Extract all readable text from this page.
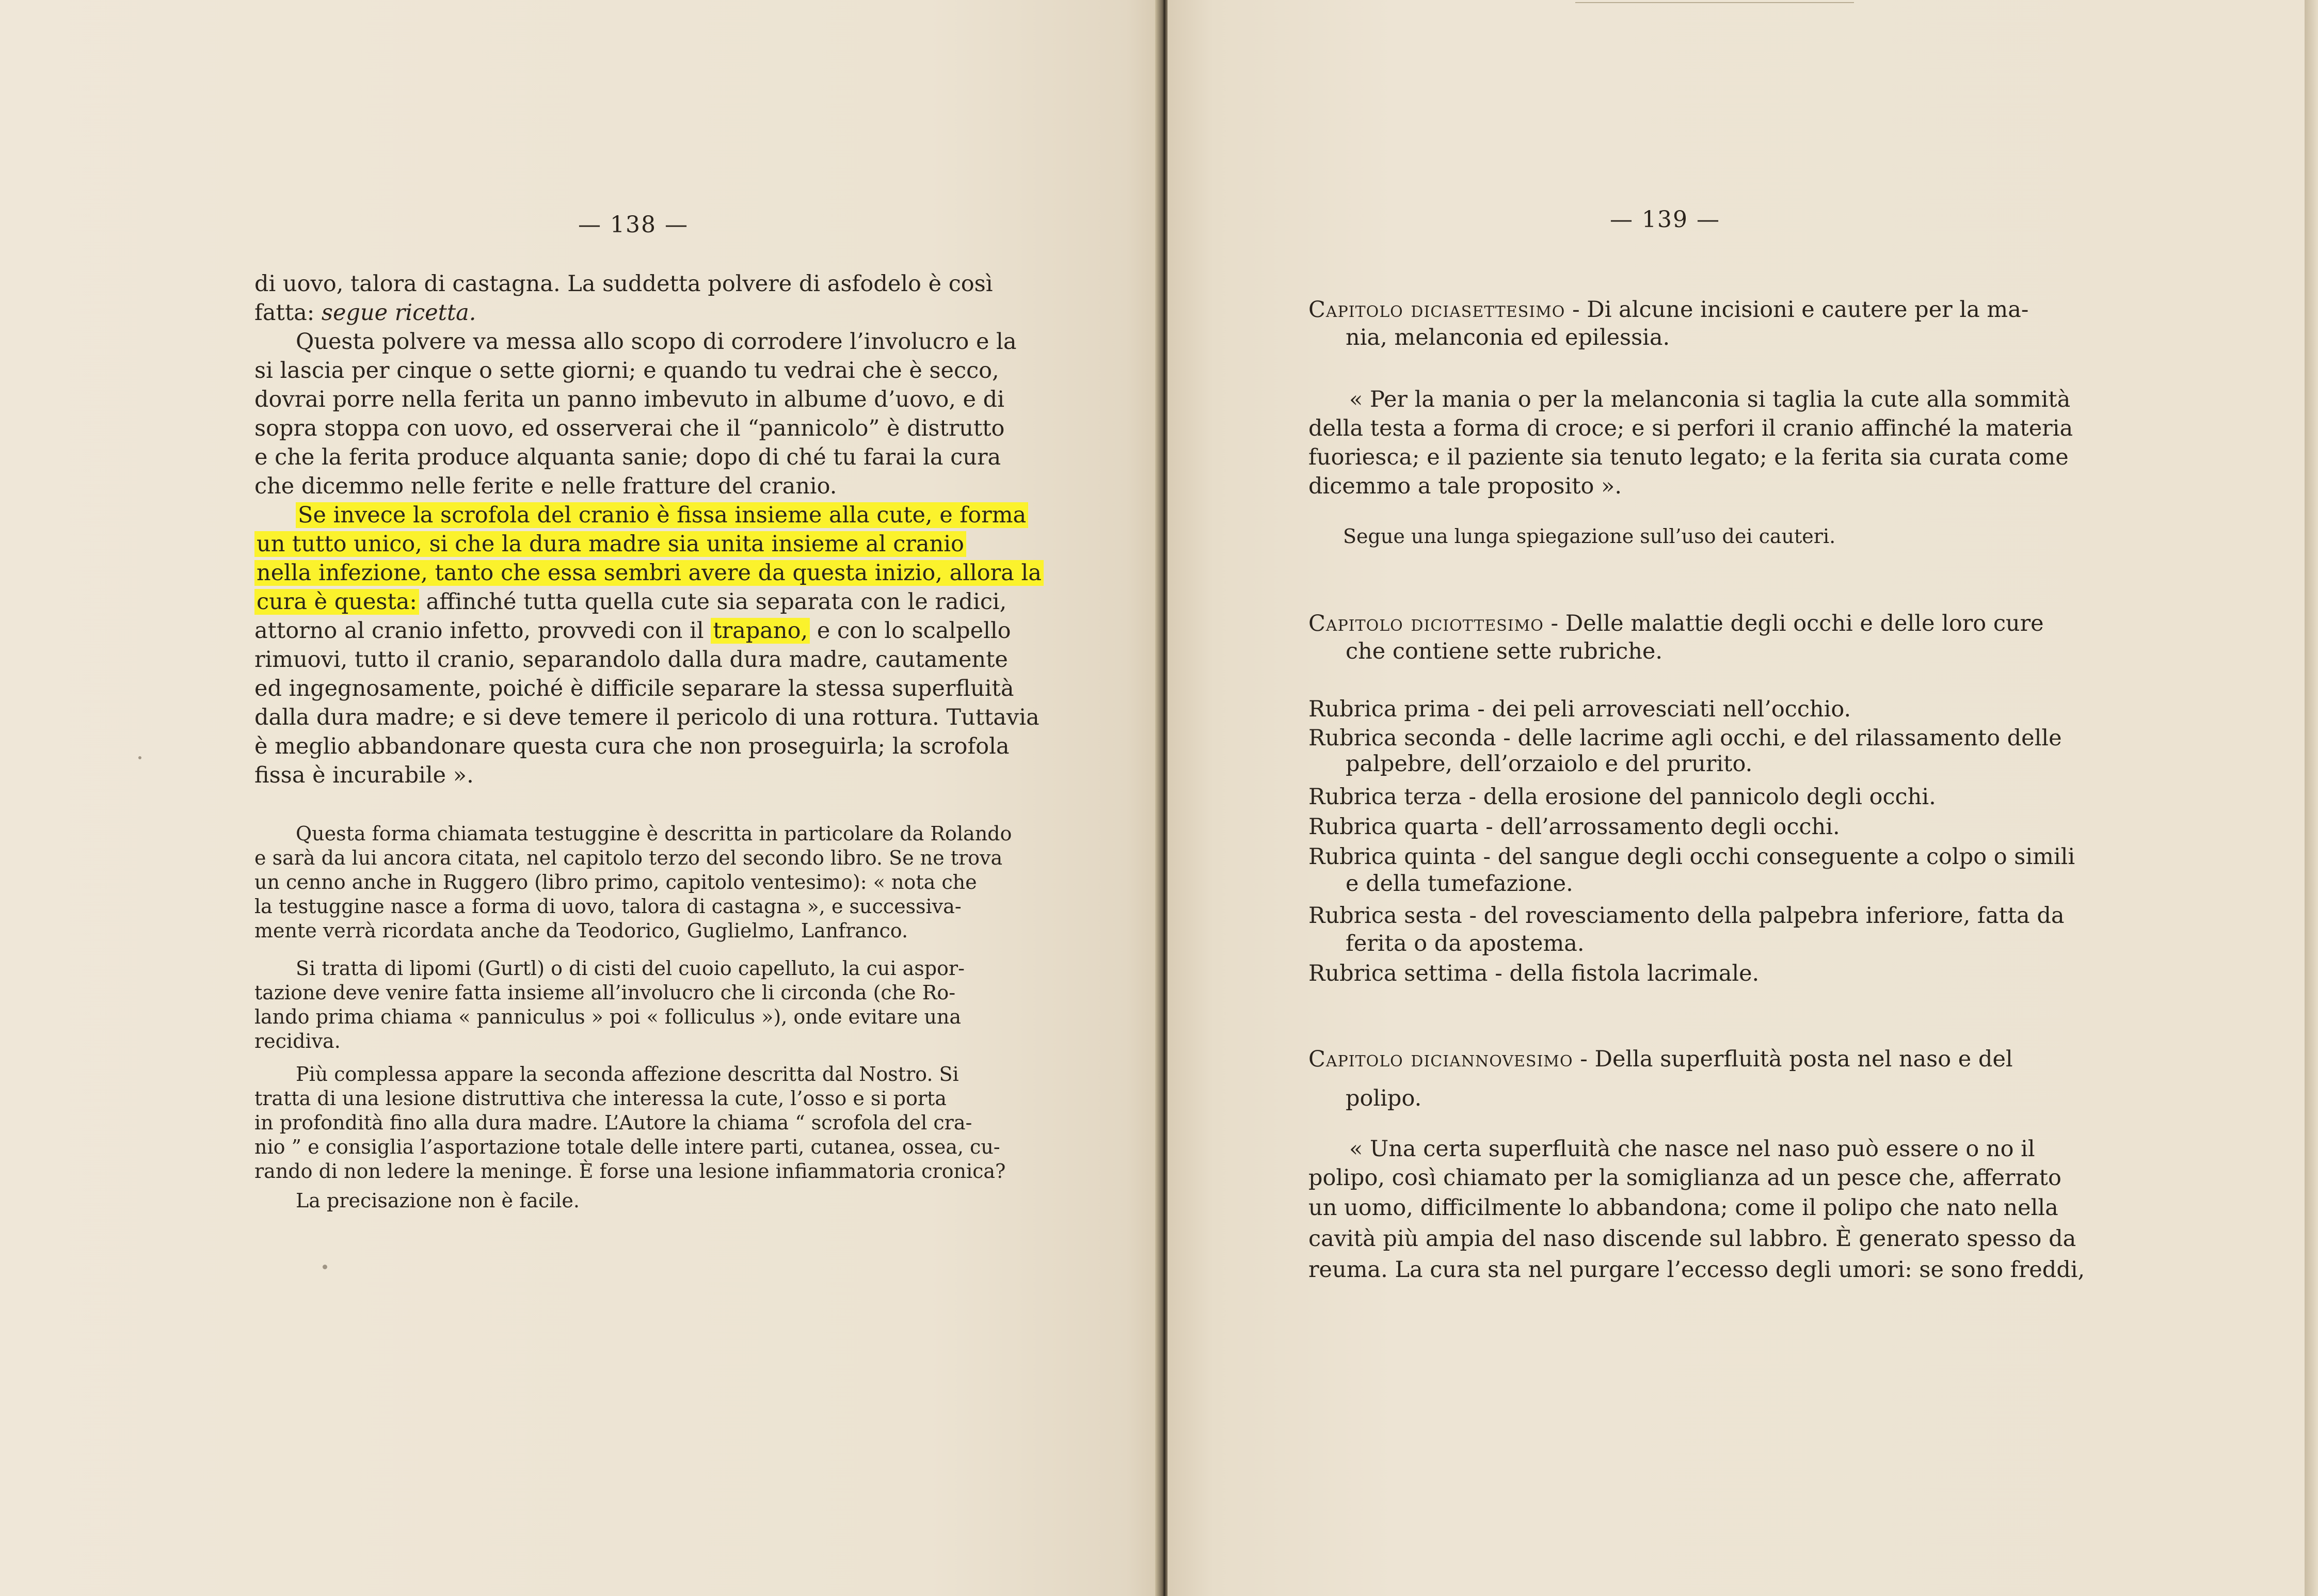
— 138 —
di uovo, talora di castagna. La suddetta polvere di asfodelo è così
fatta: segue ricetta.
Questa polvere va messa allo scopo di corrodere l’involucro e la
si lascia per cinque o sette giorni; e quando tu vedrai che è secco,
dovrai porre nella ferita un panno imbevuto in albume d’uovo, e di
sopra stoppa con uovo, ed osserverai che il “pannicolo” è distrutto
e che la ferita produce alquanta sanie; dopo di ché tu farai la cura
che dicemmo nelle ferite e nelle fratture del cranio.
Se invece la scrofola del cranio è fissa insieme alla cute, e forma
un tutto unico, si che la dura madre sia unita insieme al cranio
nella infezione, tanto che essa sembri avere da questa inizio, allora la
cura è questa: affinché tutta quella cute sia separata con le radici,
attorno al cranio infetto, provvedi con il trapano, e con lo scalpello
rimuovi, tutto il cranio, separandolo dalla dura madre, cautamente
ed ingegnosamente, poiché è difficile separare la stessa superfluità
dalla dura madre; e si deve temere il pericolo di una rottura. Tuttavia
è meglio abbandonare questa cura che non proseguirla; la scrofola
fissa è incurabile ».
Questa forma chiamata testuggine è descritta in particolare da Rolando
e sarà da lui ancora citata, nel capitolo terzo del secondo libro. Se ne trova
un cenno anche in Ruggero (libro primo, capitolo ventesimo): « nota che
la testuggine nasce a forma di uovo, talora di castagna », e successiva-
mente verrà ricordata anche da Teodorico, Guglielmo, Lanfranco.
Si tratta di lipomi (Gurtl) o di cisti del cuoio capelluto, la cui aspor-
tazione deve venire fatta insieme all’involucro che li circonda (che Ro-
lando prima chiama « panniculus » poi « folliculus »), onde evitare una
recidiva.
Più complessa appare la seconda affezione descritta dal Nostro. Si
tratta di una lesione distruttiva che interessa la cute, l’osso e si porta
in profondità fino alla dura madre. L’Autore la chiama “ scrofola del cra-
nio ” e consiglia l’asportazione totale delle intere parti, cutanea, ossea, cu-
rando di non ledere la meninge. È forse una lesione infiammatoria cronica?
La precisazione non è facile.
— 139 —
Capitolo diciasettesimo - Di alcune incisioni e cautere per la ma-
nia, melanconia ed epilessia.
« Per la mania o per la melanconia si taglia la cute alla sommità
della testa a forma di croce; e si perfori il cranio affinché la materia
fuoriesca; e il paziente sia tenuto legato; e la ferita sia curata come
dicemmo a tale proposito ».
Segue una lunga spiegazione sull’uso dei cauteri.
Capitolo diciottesimo - Delle malattie degli occhi e delle loro cure
che contiene sette rubriche.
Rubrica prima - dei peli arrovesciati nell’occhio.
Rubrica seconda - delle lacrime agli occhi, e del rilassamento delle
palpebre, dell’orzaiolo e del prurito.
Rubrica terza - della erosione del pannicolo degli occhi.
Rubrica quarta - dell’arrossamento degli occhi.
Rubrica quinta - del sangue degli occhi conseguente a colpo o simili
e della tumefazione.
Rubrica sesta - del rovesciamento della palpebra inferiore, fatta da
ferita o da apostema.
Rubrica settima - della fistola lacrimale.
Capitolo diciannovesimo - Della superfluità posta nel naso e del
polipo.
« Una certa superfluità che nasce nel naso può essere o no il
polipo, così chiamato per la somiglianza ad un pesce che, afferrato
un uomo, difficilmente lo abbandona; come il polipo che nato nella
cavità più ampia del naso discende sul labbro. È generato spesso da
reuma. La cura sta nel purgare l’eccesso degli umori: se sono freddi,
